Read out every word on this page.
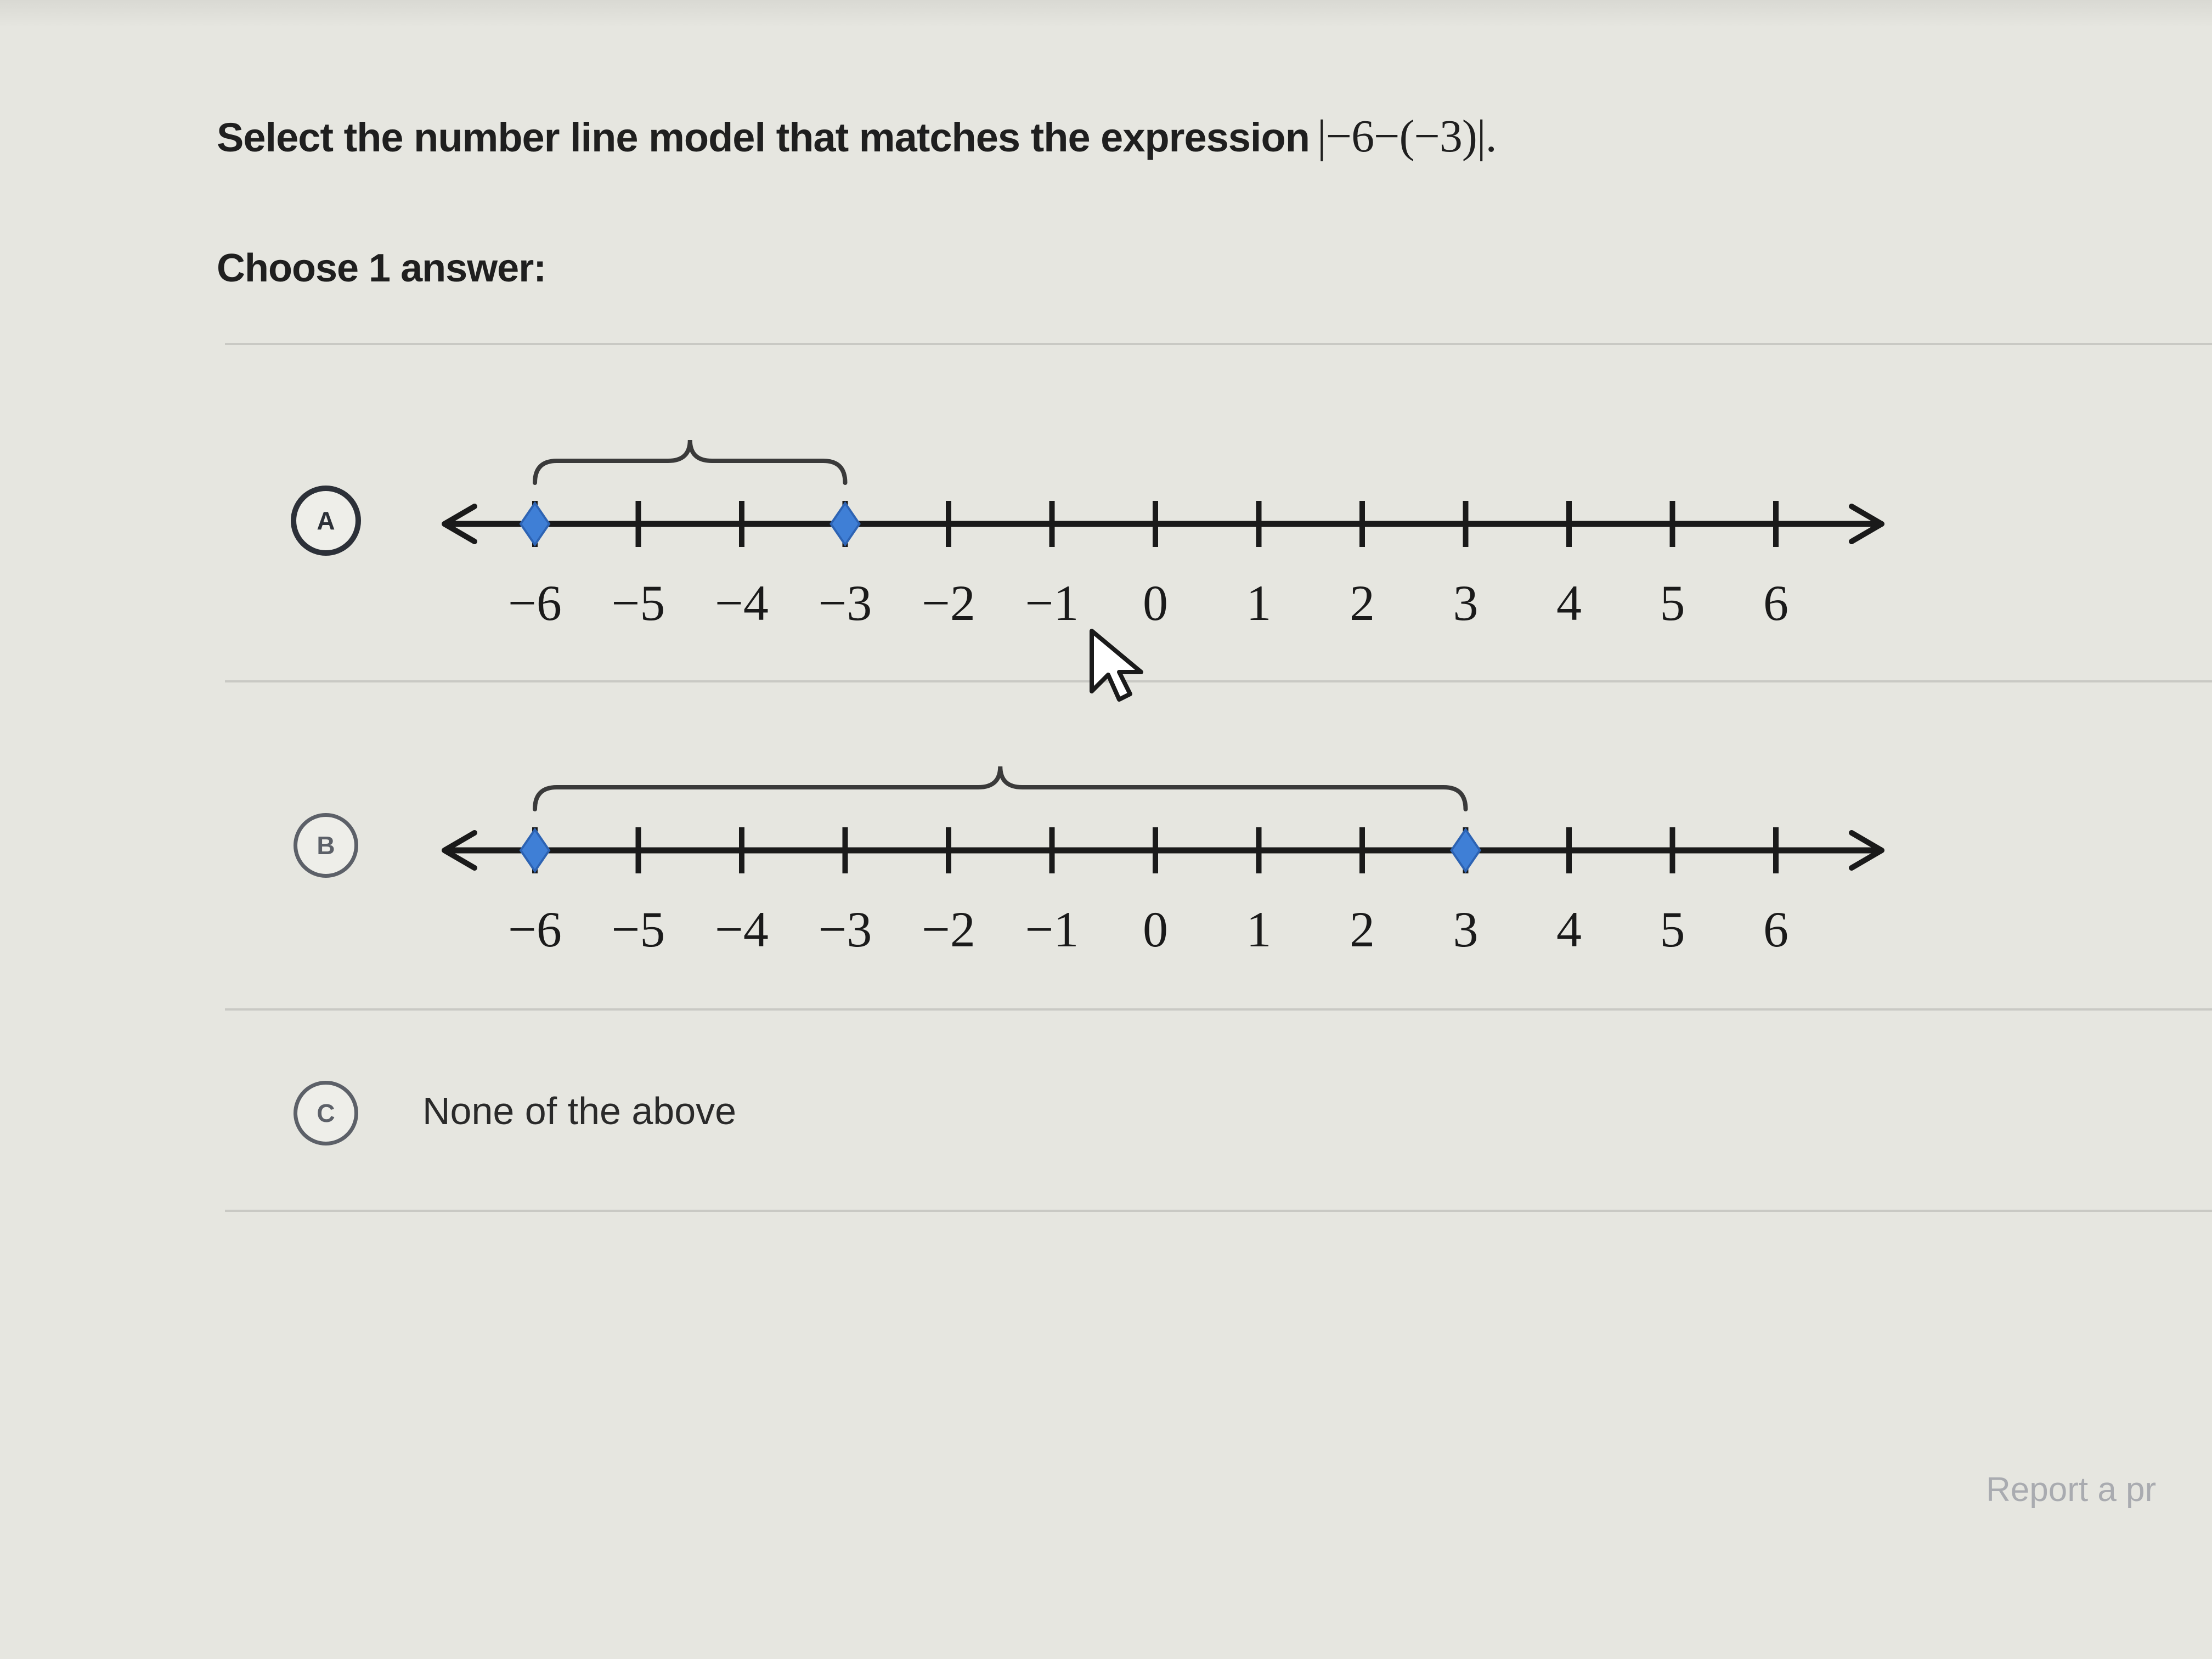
Select the number line model that matches the expression |−6−(−3)|.
Choose 1 answer:
A
−6 −5 −4 −3 −2 −1 0 1 2 3 4 5 6
B
−6 −5 −4 −3 −2 −1 0 1 2 3 4 5 6
C None of the above
Report a pr
